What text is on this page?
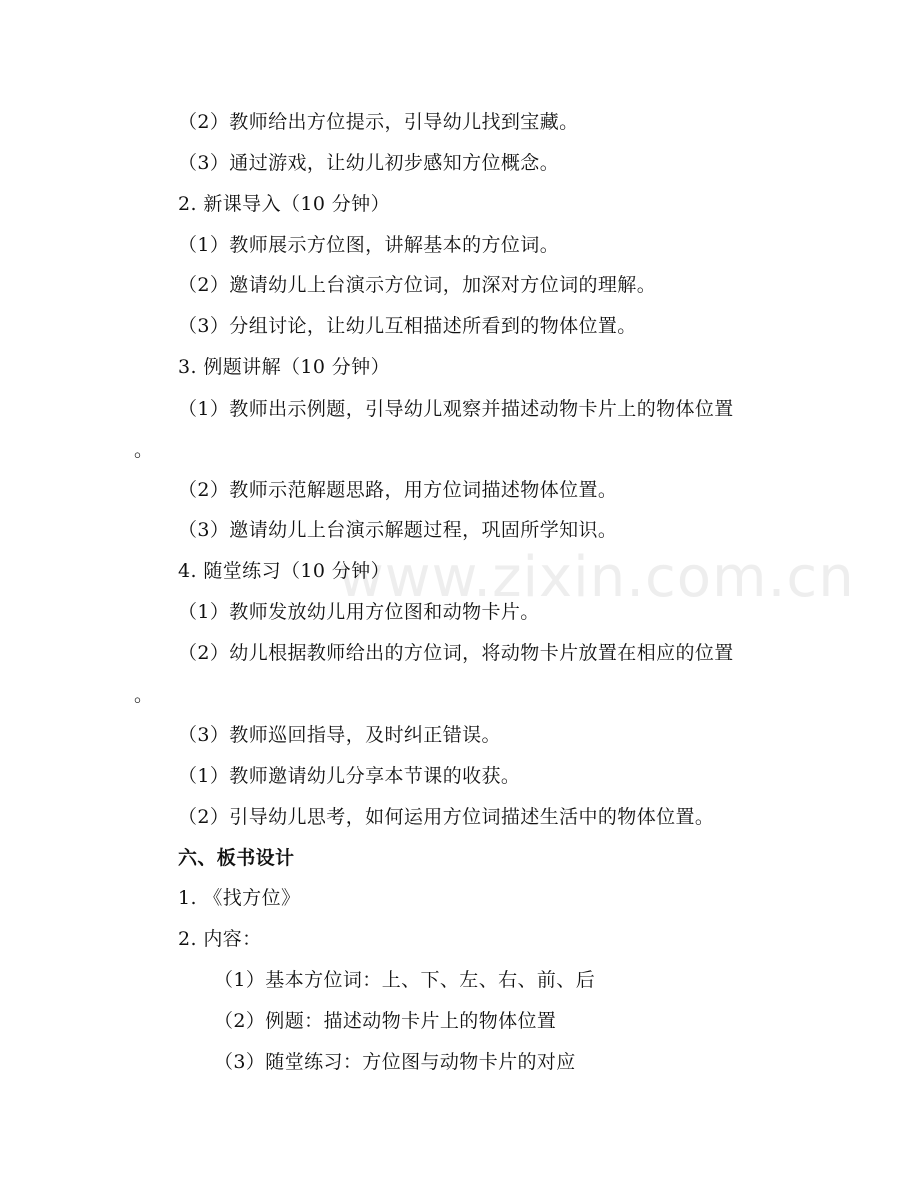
www.zixin.com.cn
（2）教师给出方位提示，引导幼儿找到宝藏。
（3）通过游戏，让幼儿初步感知方位概念。
2. 新课导入（10 分钟）
（1）教师展示方位图，讲解基本的方位词。
（2）邀请幼儿上台演示方位词，加深对方位词的理解。
（3）分组讨论，让幼儿互相描述所看到的物体位置。
3. 例题讲解（10 分钟）
（1）教师出示例题，引导幼儿观察并描述动物卡片上的物体位置
。
（2）教师示范解题思路，用方位词描述物体位置。
（3）邀请幼儿上台演示解题过程，巩固所学知识。
4. 随堂练习（10 分钟）
（1）教师发放幼儿用方位图和动物卡片。
（2）幼儿根据教师给出的方位词，将动物卡片放置在相应的位置
。
（3）教师巡回指导，及时纠正错误。
（1）教师邀请幼儿分享本节课的收获。
（2）引导幼儿思考，如何运用方位词描述生活中的物体位置。
六、板书设计
1. 《找方位》
2. 内容：
（1）基本方位词：上、下、左、右、前、后
（2）例题：描述动物卡片上的物体位置
（3）随堂练习：方位图与动物卡片的对应
